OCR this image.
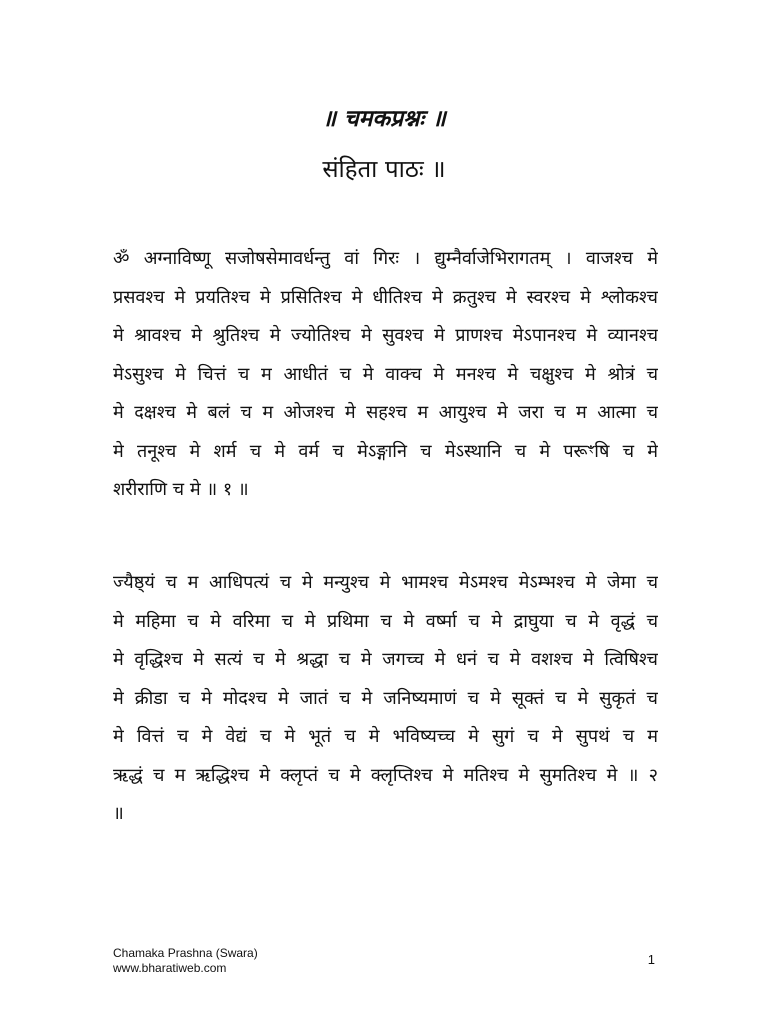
॥ चमकप्रश्नः ॥
संहिता पाठः ॥
ॐ अग्नाविष्णू सजोषसेमावर्धन्तु वां गिरः । द्युम्नैर्वाजेभिरागतम् । वाजश्च मे
प्रसवश्च मे प्रयतिश्च मे प्रसितिश्च मे धीतिश्च मे क्रतुश्च मे स्वरश्च मे श्लोकश्च
मे श्रावश्च मे श्रुतिश्च मे ज्योतिश्च मे सुवश्च मे प्राणश्च मेऽपानश्च मे व्यानश्च
मेऽसुश्च मे चित्तं च म आधीतं च मे वाक्च मे मनश्च मे चक्षुश्च मे श्रोत्रं च
मे दक्षश्च मे बलं च म ओजश्च मे सहश्च म आयुश्च मे जरा च म आत्मा च
मे तनूश्च मे शर्म च मे वर्म च मेऽङ्गानि च मेऽस्थानि च मे परूꣳषि च मे
शरीराणि च मे ॥ १ ॥
ज्यैष्ठ्यं च म आधिपत्यं च मे मन्युश्च मे भामश्च मेऽमश्च मेऽम्भश्च मे जेमा च
मे महिमा च मे वरिमा च मे प्रथिमा च मे वर्ष्मा च मे द्राघुया च मे वृद्धं च
मे वृद्धिश्च मे सत्यं च मे श्रद्धा च मे जगच्च मे धनं च मे वशश्च मे त्विषिश्च
मे क्रीडा च मे मोदश्च मे जातं च मे जनिष्यमाणं च मे सूक्तं च मे सुकृतं च
मे वित्तं च मे वेद्यं च मे भूतं च मे भविष्यच्च मे सुगं च मे सुपथं च म
ऋद्धं च म ऋद्धिश्च मे क्लृप्तं च मे क्लृप्तिश्च मे मतिश्च मे सुमतिश्च मे ॥ २
॥
Chamaka Prashna (Swara)
www.bharatiweb.com
1
